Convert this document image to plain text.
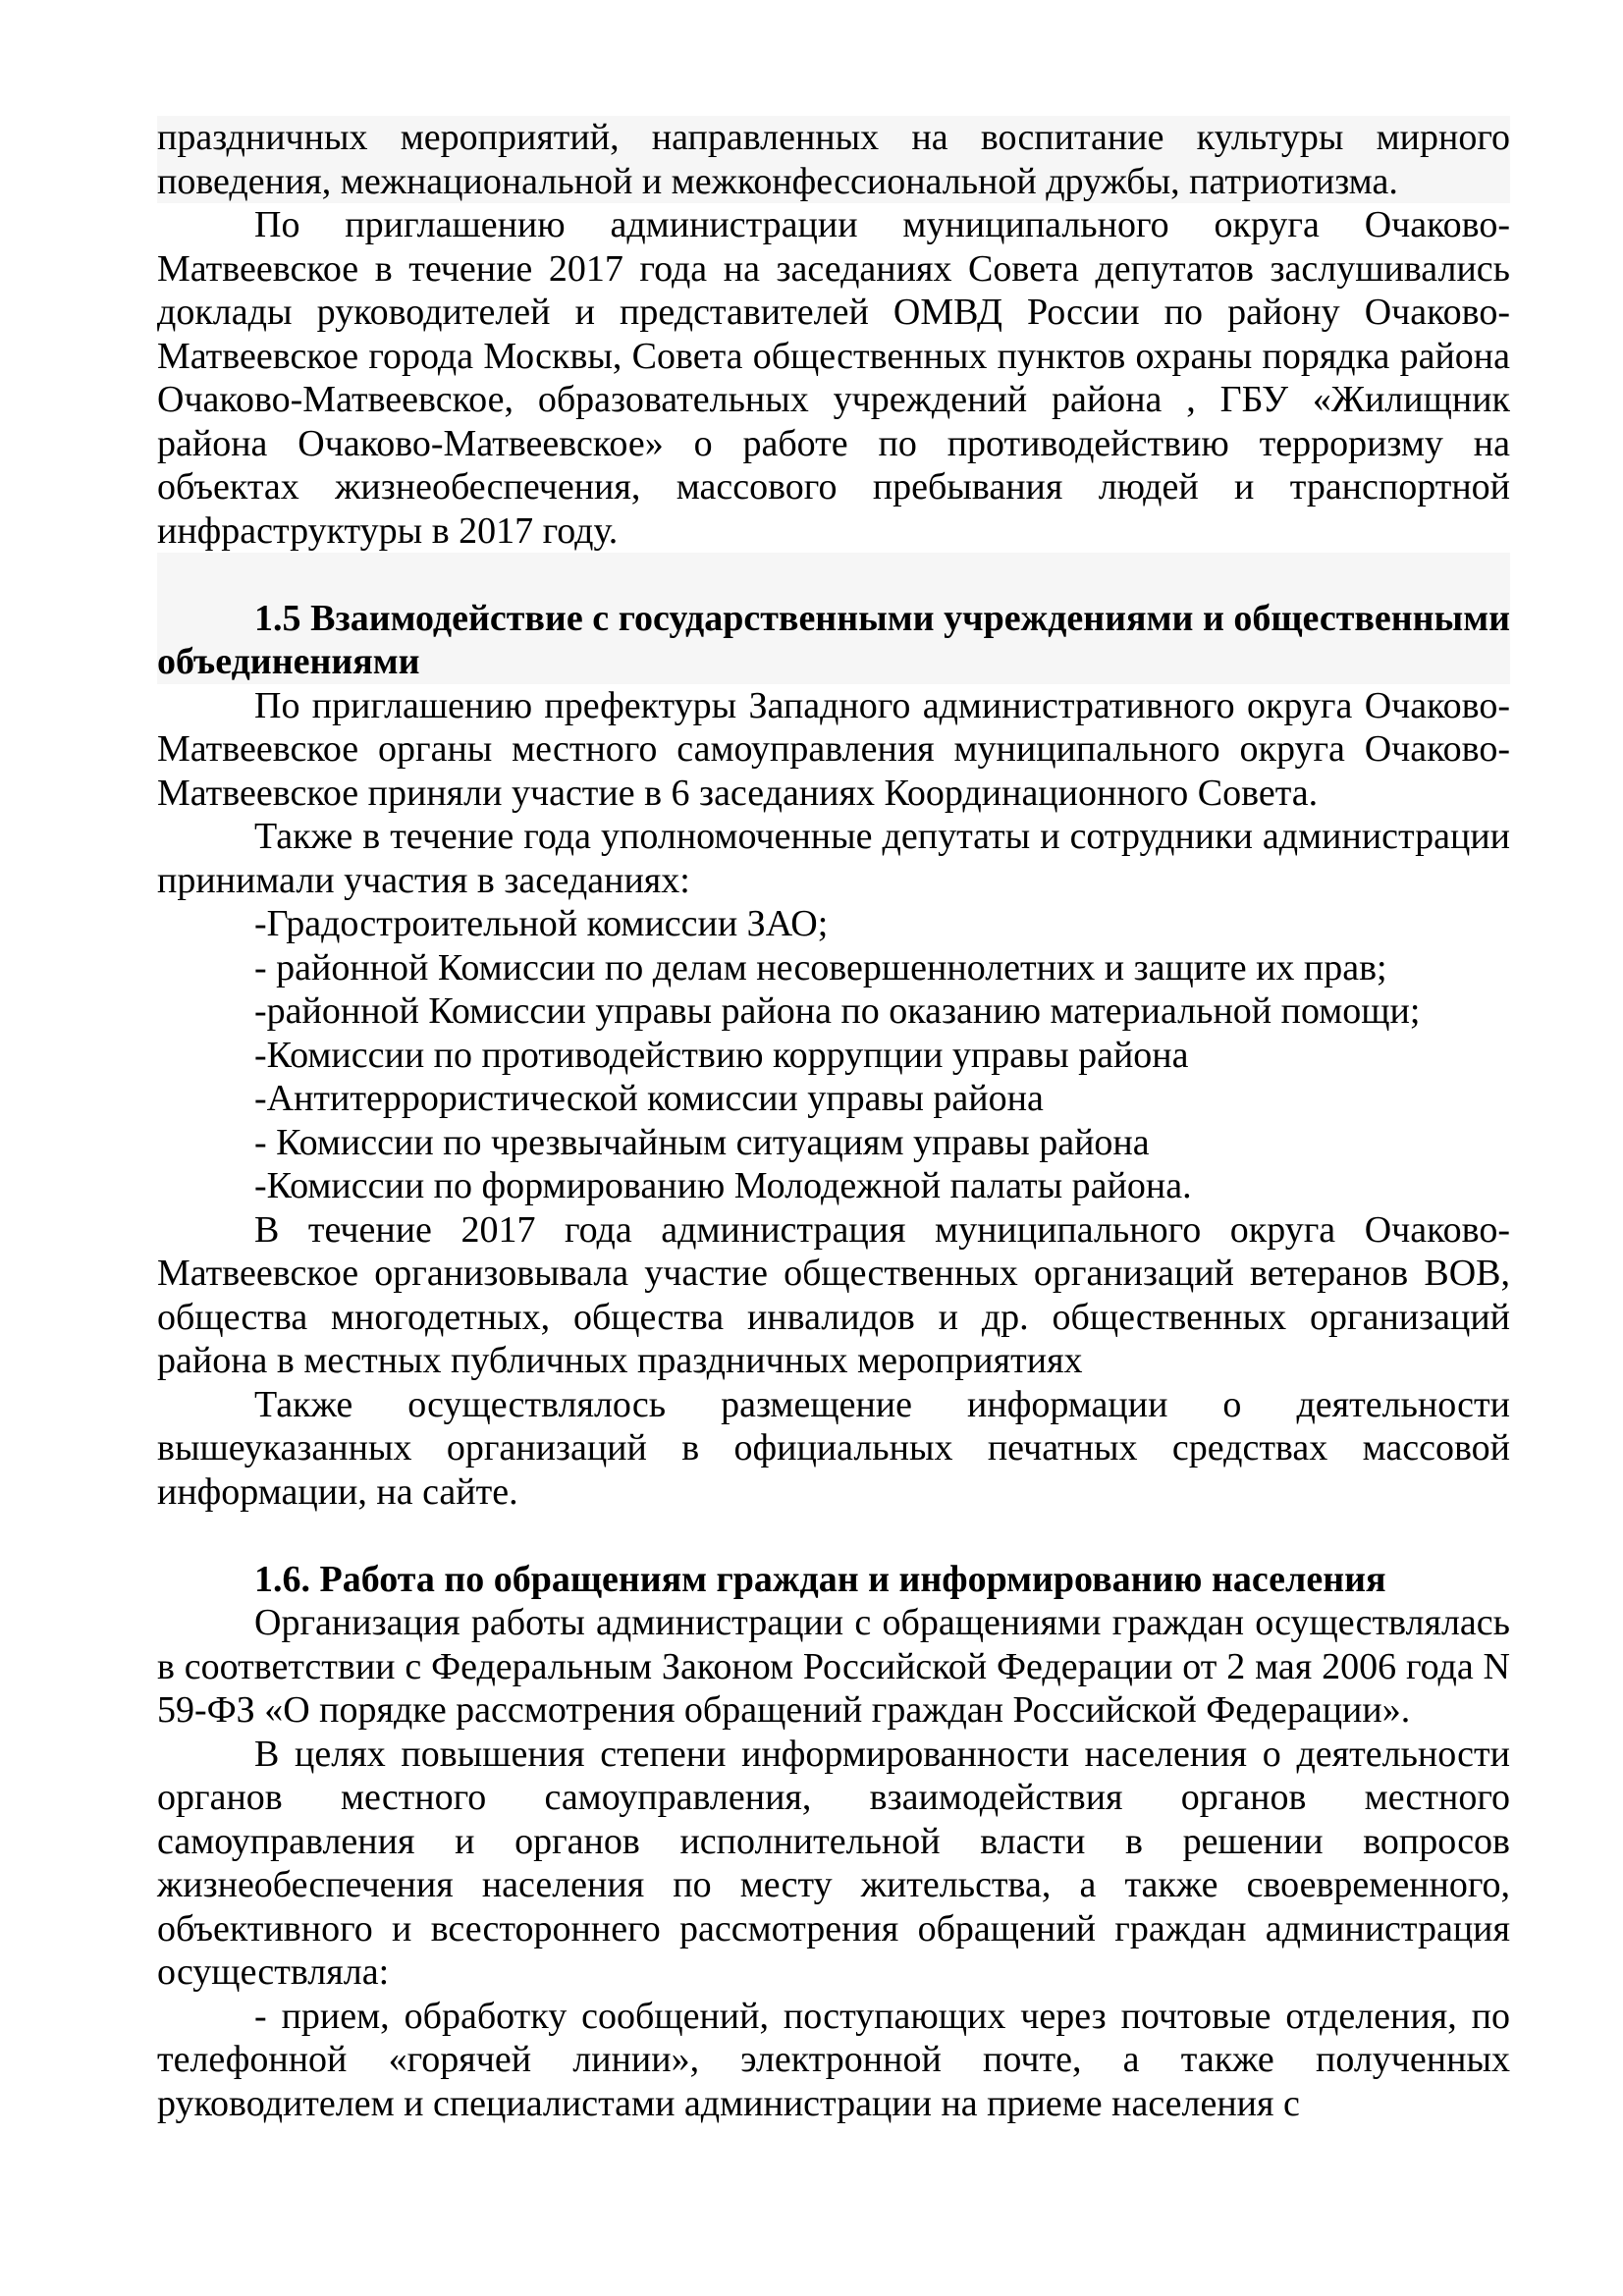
праздничных мероприятий, направленных на воспитание культуры мирного поведения, межнациональной и межконфессиональной дружбы, патриотизма.

По приглашению администрации муниципального округа Очаково-Матвеевское в течение 2017 года на заседаниях Совета депутатов заслушивались доклады руководителей и представителей ОМВД России по району Очаково-Матвеевское города Москвы, Совета общественных пунктов охраны порядка района Очаково-Матвеевское, образовательных учреждений района , ГБУ «Жилищник района Очаково-Матвеевское» о работе по противодействию терроризму на объектах жизнеобеспечения, массового пребывания людей и транспортной инфраструктуры в 2017 году.

1.5 Взаимодействие с государственными учреждениями и общественными объединениями

По приглашению префектуры Западного административного округа Очаково-Матвеевское органы местного самоуправления муниципального округа Очаково-Матвеевское приняли участие в 6 заседаниях Координационного Совета.

Также в течение года уполномоченные депутаты и сотрудники администрации принимали участия в заседаниях:

-Градостроительной комиссии ЗАО;

- районной Комиссии по делам несовершеннолетних и защите их прав;

-районной Комиссии управы района по оказанию материальной помощи;

-Комиссии по противодействию коррупции управы района

-Антитеррористической комиссии управы района

- Комиссии по чрезвычайным ситуациям управы района

-Комиссии по формированию Молодежной палаты района.

В течение 2017 года администрация муниципального округа Очаково-Матвеевское организовывала участие общественных организаций ветеранов ВОВ, общества многодетных, общества инвалидов и др. общественных организаций района в местных публичных праздничных мероприятиях

Также осуществлялось размещение информации о деятельности вышеуказанных организаций в официальных печатных средствах массовой информации, на сайте.

1.6. Работа по обращениям граждан и информированию населения

Организация работы администрации с обращениями граждан осуществлялась в соответствии с Федеральным Законом Российской Федерации от 2 мая 2006 года N 59-ФЗ «О порядке рассмотрения обращений граждан Российской Федерации».

В целях повышения степени информированности населения о деятельности органов местного самоуправления, взаимодействия органов местного самоуправления и органов исполнительной власти в решении вопросов жизнеобеспечения населения по месту жительства, а также своевременного, объективного и всестороннего рассмотрения обращений граждан администрация осуществляла:

- прием, обработку сообщений, поступающих через почтовые отделения, по телефонной «горячей линии», электронной почте, а также полученных руководителем и специалистами администрации на приеме населения с
